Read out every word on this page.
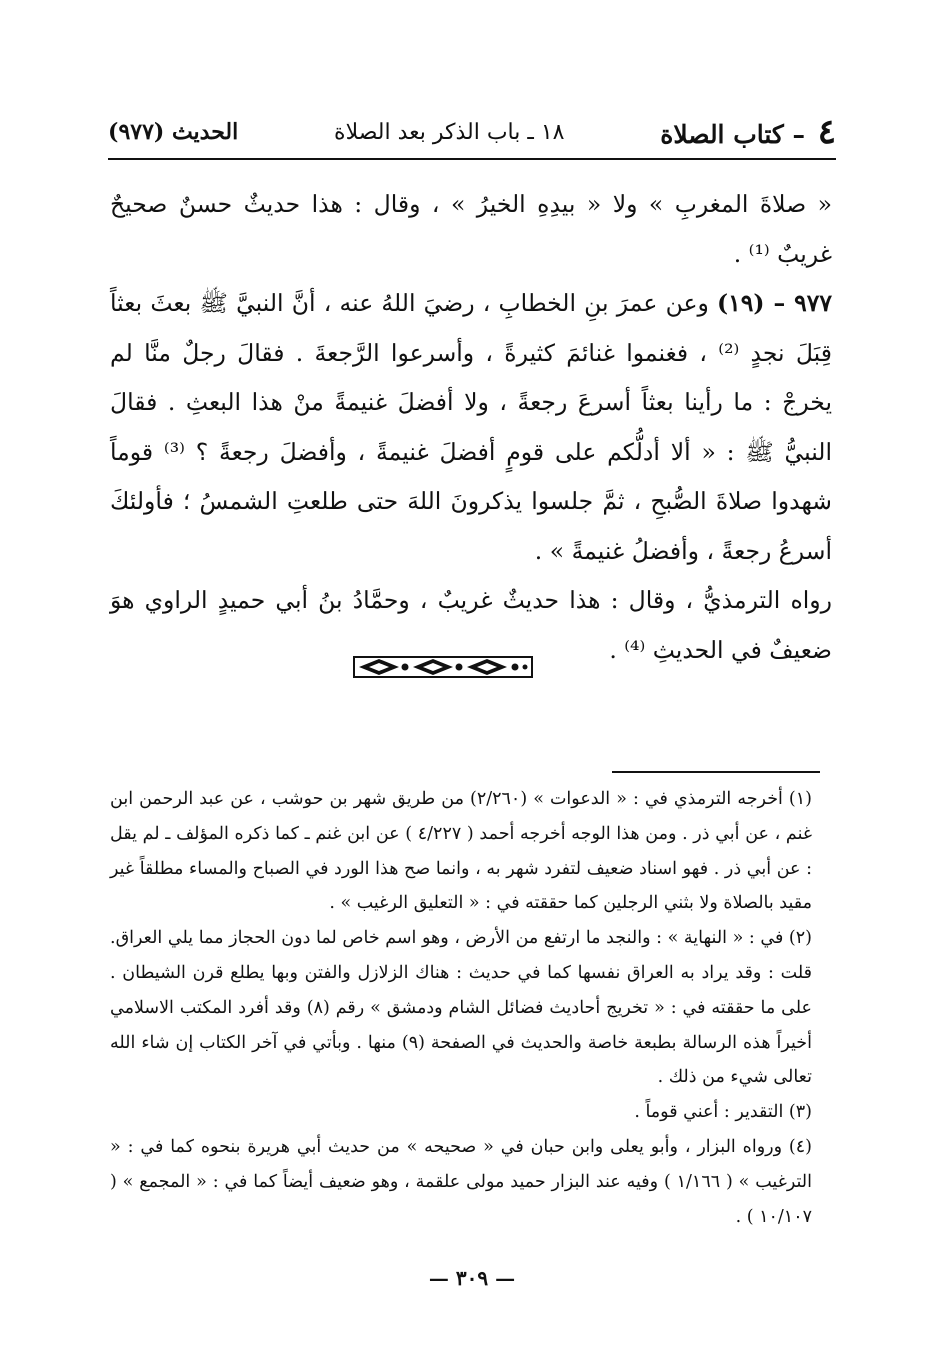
٤ – كتاب الصلاة
١٨ ـ باب الذكر بعد الصلاة
الحديث (٩٧٧)

« صلاةَ المغربِ » ولا « بيدِهِ الخيرُ » ، وقال : هذا حديثٌ حسنٌ صحيحٌ غريبٌ ⁽¹⁾ .

٩٧٧ – (١٩) وعن عمرَ بنِ الخطابِ ، رضيَ اللهُ عنه ، أنَّ النبيَّ ﷺ بعثَ بعثاً قِبَلَ نجدٍ ⁽²⁾ ، فغنموا غنائمَ كثيرةً ، وأسرعوا الرَّجعةَ . فقالَ رجلٌ منَّا لم يخرجْ : ما رأينا بعثاً أسرعَ رجعةً ، ولا أفضلَ غنيمةً منْ هذا البعثِ . فقالَ النبيُّ ﷺ : « ألا أدلُّكم على قومٍ أفضلَ غنيمةً ، وأفضلَ رجعةً ؟ ⁽³⁾ قوماً شهدوا صلاةَ الصُّبحِ ، ثمَّ جلسوا يذكرونَ اللهَ حتى طلعتِ الشمسُ ؛ فأولئكَ أسرعُ رجعةً ، وأفضلُ غنيمةً » .

رواه الترمذيُّ ، وقال : هذا حديثٌ غريبٌ ، وحمَّادُ بنُ أبي حميدٍ الراوي هوَ ضعيفٌ في الحديثِ ⁽⁴⁾ .

(١) أخرجه الترمذي في : « الدعوات » (٢/٢٦٠) من طريق شهر بن حوشب ، عن عبد الرحمن ابن غنم ، عن أبي ذر . ومن هذا الوجه أخرجه أحمد ( ٤/٢٢٧ ) عن ابن غنم ـ كما ذكره المؤلف ـ لم يقل : عن أبي ذر . فهو اسناد ضعيف لتفرد شهر به ، وانما صح هذا الورد في الصباح والمساء مطلقاً غير مقيد بالصلاة ولا بثني الرجلين كما حققته في : « التعليق الرغيب » .

(٢) في : « النهاية » : والنجد ما ارتفع من الأرض ، وهو اسم خاص لما دون الحجاز مما يلي العراق. قلت : وقد يراد به العراق نفسها كما في حديث : هناك الزلازل والفتن وبها يطلع قرن الشيطان . على ما حققته في : « تخريج أحاديث فضائل الشام ودمشق » رقم (٨) وقد أفرد المكتب الاسلامي أخيراً هذه الرسالة بطبعة خاصة والحديث في الصفحة (٩) منها . وبأتي في آخر الكتاب إن شاء الله تعالى شيء من ذلك .

(٣) التقدير : أعني قوماً .

(٤) ورواه البزار ، وأبو يعلى وابن حبان في « صحيحه » من حديث أبي هريرة بنحوه كما في : « الترغيب » ( ١/١٦٦ ) وفيه عند البزار حميد مولى علقمة ، وهو ضعيف أيضاً كما في : « المجمع » ( ١٠/١٠٧ ) .

— ٣٠٩ —
